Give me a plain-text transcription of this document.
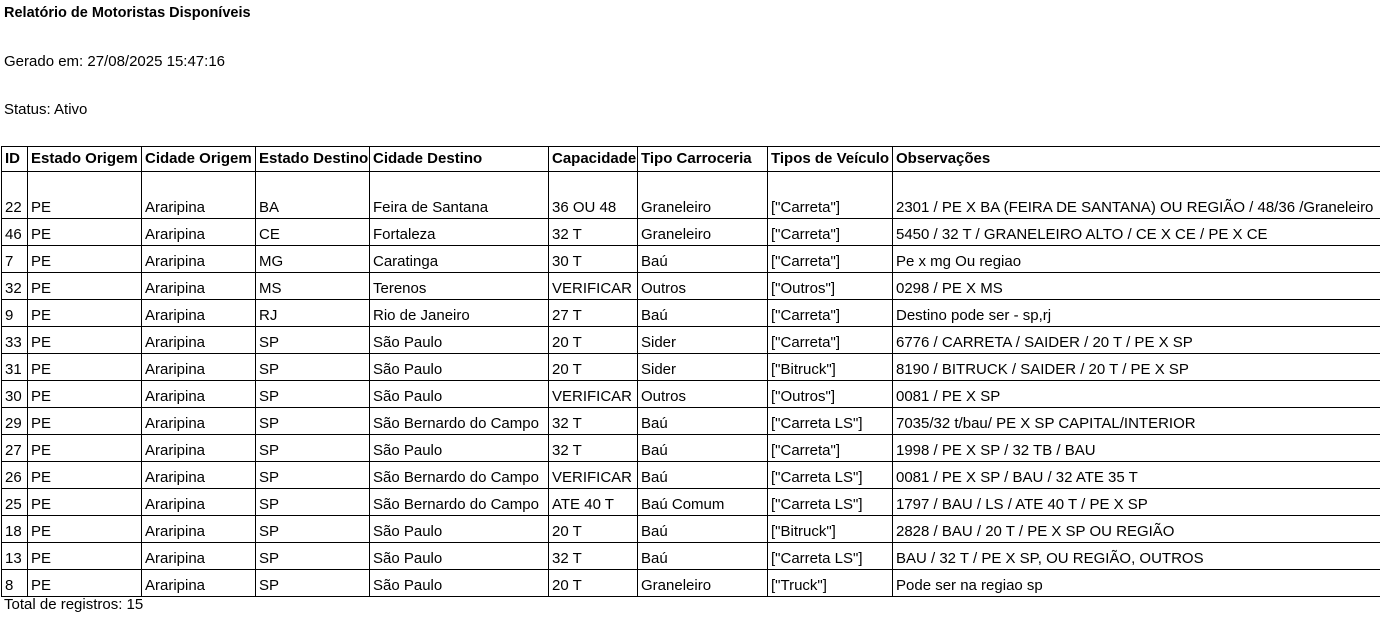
Relatório de Motoristas Disponíveis
Gerado em: 27/08/2025 15:47:16
Status: Ativo
ID	Estado Origem	Cidade Origem	Estado Destino	Cidade Destino	Capacidade	Tipo Carroceria	Tipos de Veículo	Observações
22	PE	Araripina	BA	Feira de Santana	36 OU 48	Graneleiro	["Carreta"]	2301 / PE X BA (FEIRA DE SANTANA) OU REGIÃO / 48/36 /Graneleiro
46	PE	Araripina	CE	Fortaleza	32 T	Graneleiro	["Carreta"]	5450 / 32 T / GRANELEIRO ALTO / CE X CE / PE X CE
7	PE	Araripina	MG	Caratinga	30 T	Baú	["Carreta"]	Pe x mg Ou regiao
32	PE	Araripina	MS	Terenos	VERIFICAR	Outros	["Outros"]	0298 / PE X MS
9	PE	Araripina	RJ	Rio de Janeiro	27 T	Baú	["Carreta"]	Destino pode ser - sp,rj
33	PE	Araripina	SP	São Paulo	20 T	Sider	["Carreta"]	6776 / CARRETA / SAIDER / 20 T / PE X SP
31	PE	Araripina	SP	São Paulo	20 T	Sider	["Bitruck"]	8190 / BITRUCK / SAIDER / 20 T / PE X SP
30	PE	Araripina	SP	São Paulo	VERIFICAR	Outros	["Outros"]	0081 / PE X SP
29	PE	Araripina	SP	São Bernardo do Campo	32 T	Baú	["Carreta LS"]	7035/32 t/bau/ PE X SP CAPITAL/INTERIOR
27	PE	Araripina	SP	São Paulo	32 T	Baú	["Carreta"]	1998 / PE X SP / 32 TB / BAU
26	PE	Araripina	SP	São Bernardo do Campo	VERIFICAR	Baú	["Carreta LS"]	0081 / PE X SP / BAU / 32 ATE 35 T
25	PE	Araripina	SP	São Bernardo do Campo	ATE 40 T	Baú Comum	["Carreta LS"]	1797 / BAU / LS / ATE 40 T / PE X SP
18	PE	Araripina	SP	São Paulo	20 T	Baú	["Bitruck"]	2828 / BAU / 20 T / PE X SP OU REGIÃO
13	PE	Araripina	SP	São Paulo	32 T	Baú	["Carreta LS"]	BAU / 32 T / PE X SP, OU REGIÃO, OUTROS
8	PE	Araripina	SP	São Paulo	20 T	Graneleiro	["Truck"]	Pode ser na regiao sp
Total de registros: 15
